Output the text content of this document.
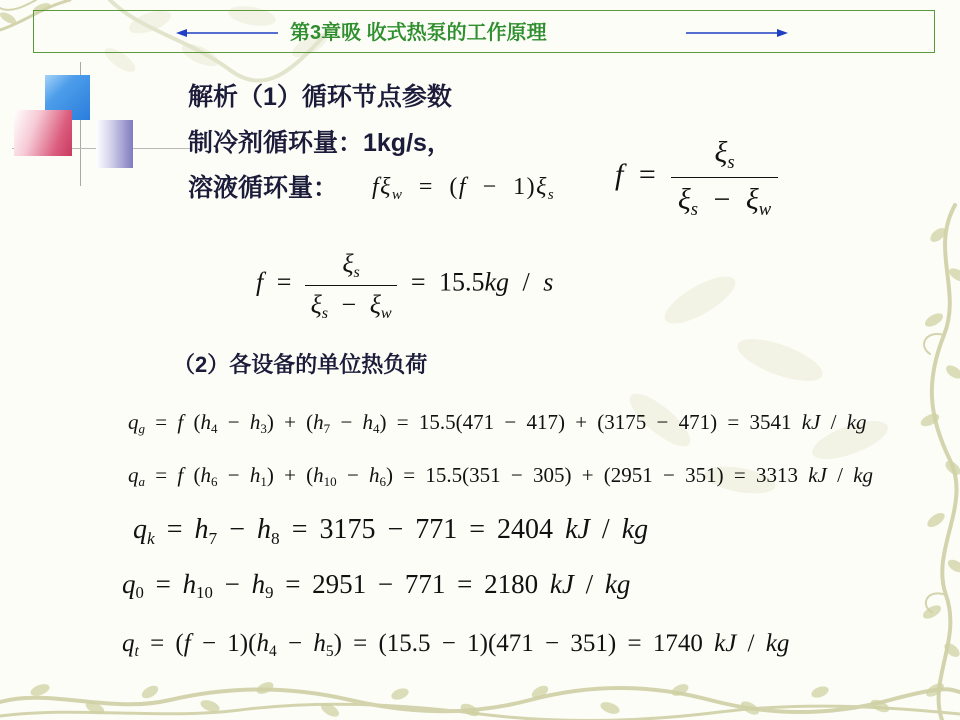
第3章吸 收式热泵的工作原理
解析（1）循环节点参数
制冷剂循环量：1kg/s，
溶液循环量： fξw = (f − 1)ξs
$f = \frac{\xi s}{\xi s - \xi w}$
$f = \frac{\xi s}{\xi s - \xi w} = 15.5kg / s$
（2）各设备的单位热负荷
qg = f (h4 − h3) + (h7 − h4) = 15.5(471 − 417) + (3175 − 471) = 3541 kJ / kg
qa = f (h6 − h1) + (h10 − h6) = 15.5(351 − 305) + (2951 − 351) = 3313 kJ / kg
qk = h7 − h8 = 3175 − 771 = 2404 kJ / kg
q0 = h10 − h9 = 2951 − 771 = 2180 kJ / kg
qt = (f − 1)(h4 − h5) = (15.5 − 1)(471 − 351) = 1740 kJ / kg
